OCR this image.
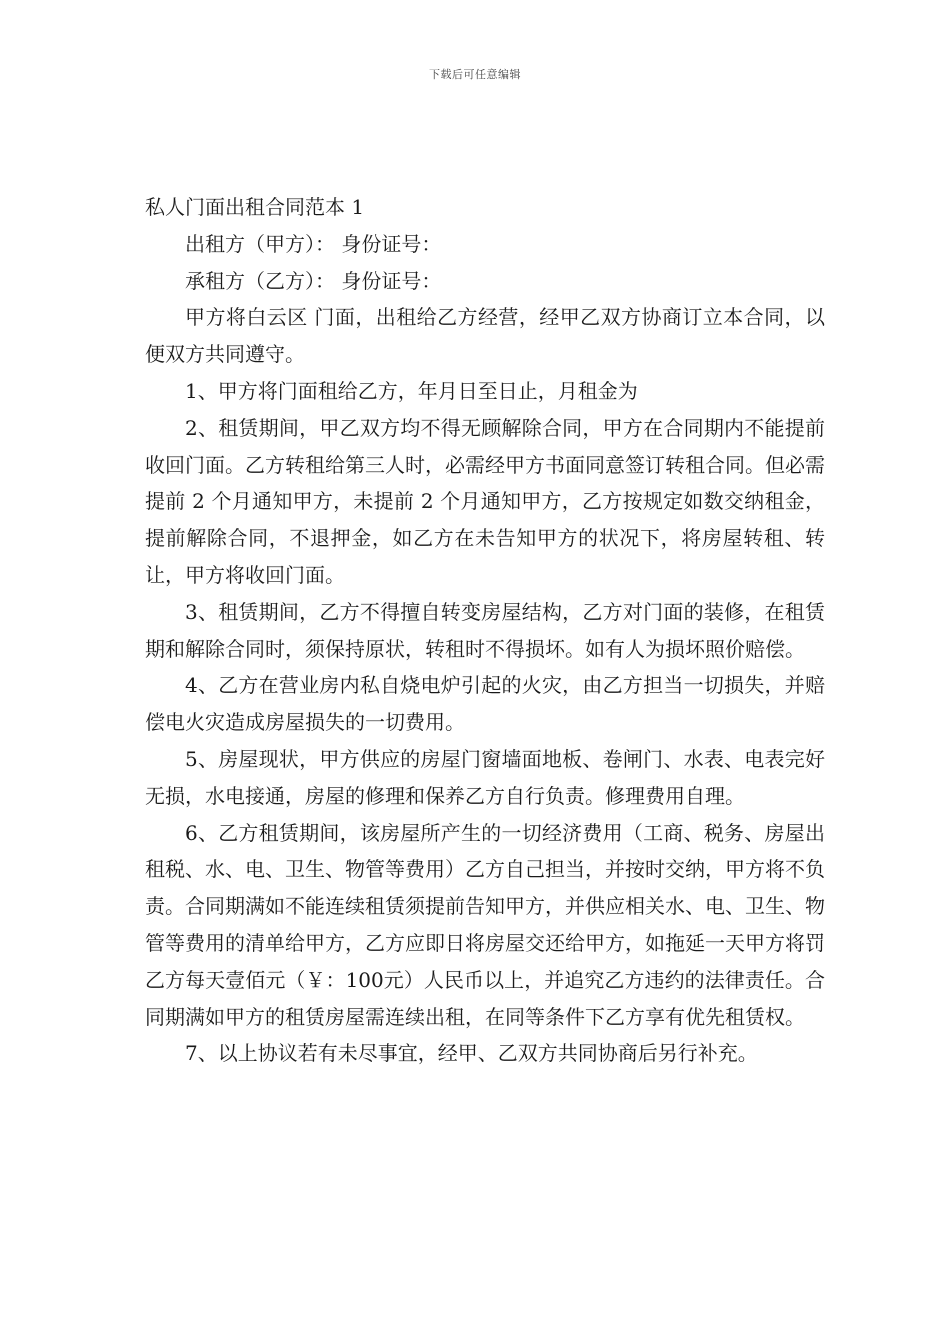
下载后可任意编辑

私人门面出租合同范本 1

出租方（甲方）： 身份证号：

承租方（乙方）： 身份证号：

甲方将白云区 门面，出租给乙方经营，经甲乙双方协商订立本合同，以便双方共同遵守。

1、甲方将门面租给乙方，年月日至日止，月租金为

2、租赁期间，甲乙双方均不得无顾解除合同，甲方在合同期内不能提前收回门面。乙方转租给第三人时，必需经甲方书面同意签订转租合同。但必需提前 2 个月通知甲方，未提前 2 个月通知甲方，乙方按规定如数交纳租金，提前解除合同，不退押金，如乙方在未告知甲方的状况下，将房屋转租、转让，甲方将收回门面。

3、租赁期间，乙方不得擅自转变房屋结构，乙方对门面的装修，在租赁期和解除合同时，须保持原状，转租时不得损坏。如有人为损坏照价赔偿。

4、乙方在营业房内私自烧电炉引起的火灾，由乙方担当一切损失，并赔偿电火灾造成房屋损失的一切费用。

5、房屋现状，甲方供应的房屋门窗墙面地板、卷闸门、水表、电表完好无损，水电接通，房屋的修理和保养乙方自行负责。修理费用自理。

6、乙方租赁期间，该房屋所产生的一切经济费用（工商、税务、房屋出租税、水、电、卫生、物管等费用）乙方自己担当，并按时交纳，甲方将不负责。合同期满如不能连续租赁须提前告知甲方，并供应相关水、电、卫生、物管等费用的清单给甲方，乙方应即日将房屋交还给甲方，如拖延一天甲方将罚乙方每天壹佰元（￥：100元）人民币以上，并追究乙方违约的法律责任。合同期满如甲方的租赁房屋需连续出租，在同等条件下乙方享有优先租赁权。

7、以上协议若有未尽事宜，经甲、乙双方共同协商后另行补充。
